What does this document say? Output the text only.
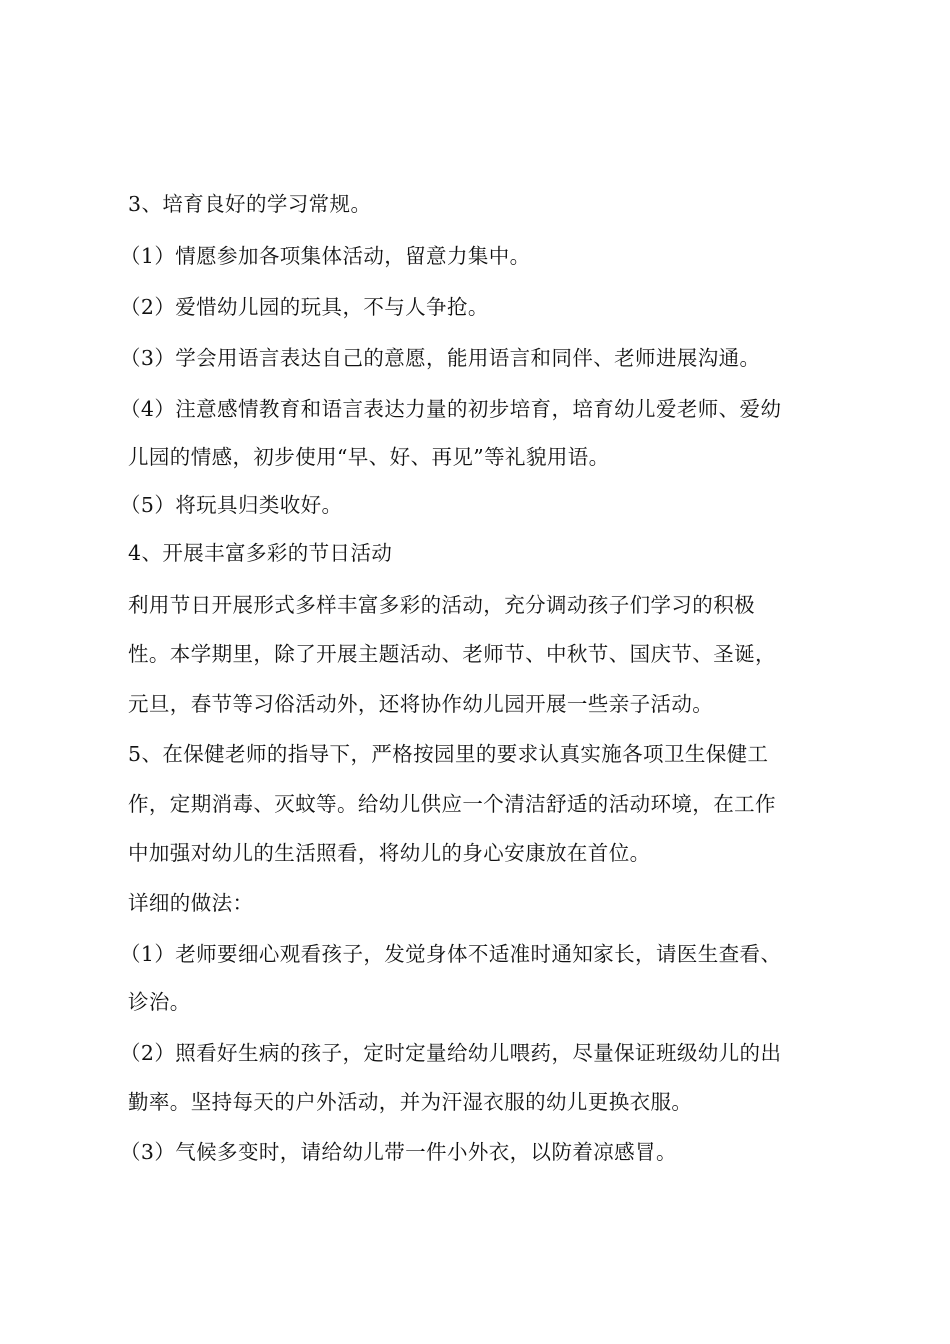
3、培育良好的学习常规。
（1）情愿参加各项集体活动，留意力集中。
（2）爱惜幼儿园的玩具，不与人争抢。
（3）学会用语言表达自己的意愿，能用语言和同伴、老师进展沟通。
（4）注意感情教育和语言表达力量的初步培育，培育幼儿爱老师、爱幼
儿园的情感，初步使用“早、好、再见”等礼貌用语。
（5）将玩具归类收好。
4、开展丰富多彩的节日活动
利用节日开展形式多样丰富多彩的活动，充分调动孩子们学习的积极
性。本学期里，除了开展主题活动、老师节、中秋节、国庆节、圣诞，
元旦，春节等习俗活动外，还将协作幼儿园开展一些亲子活动。
5、在保健老师的指导下，严格按园里的要求认真实施各项卫生保健工
作，定期消毒、灭蚊等。给幼儿供应一个清洁舒适的活动环境，在工作
中加强对幼儿的生活照看，将幼儿的身心安康放在首位。
详细的做法：
（1）老师要细心观看孩子，发觉身体不适准时通知家长，请医生查看、
诊治。
（2）照看好生病的孩子，定时定量给幼儿喂药，尽量保证班级幼儿的出
勤率。坚持每天的户外活动，并为汗湿衣服的幼儿更换衣服。
（3）气候多变时，请给幼儿带一件小外衣，以防着凉感冒。
